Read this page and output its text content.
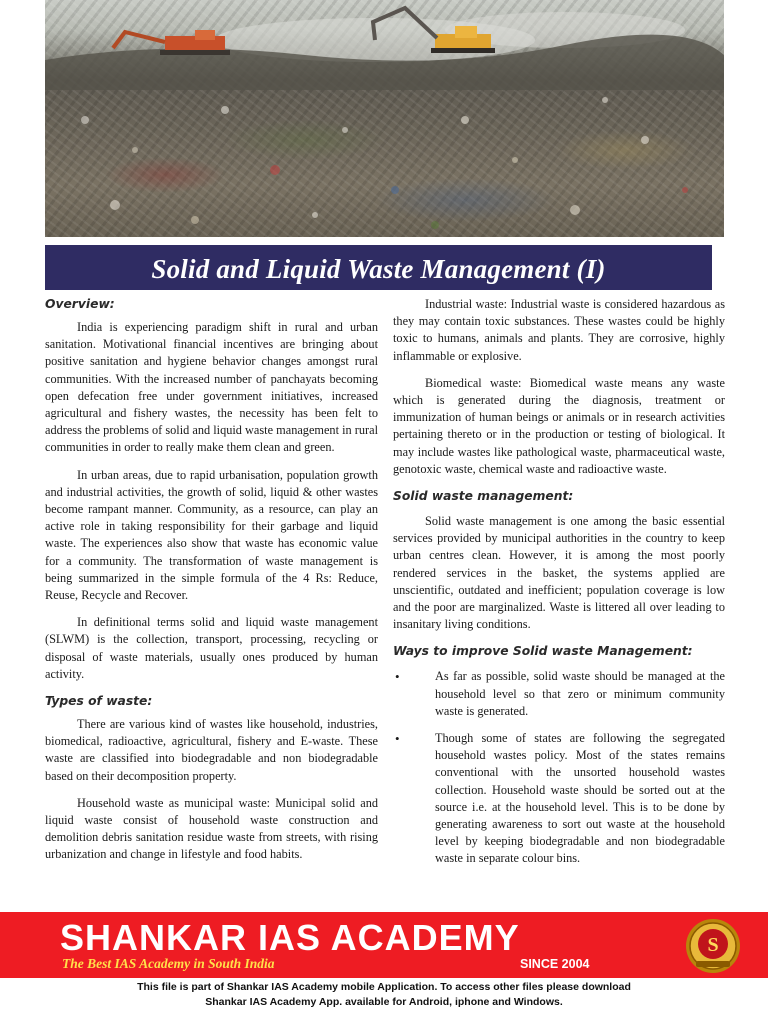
Solid and Liquid Waste Management (I)
Overview:

India is experiencing paradigm shift in rural and urban sanitation. Motivational financial incentives are bringing about positive sanitation and hygiene behavior changes amongst rural communities. With the increased number of panchayats becoming open defecation free under government initiatives, increased agricultural and fishery wastes, the necessity has been felt to address the problems of solid and liquid waste management in rural communities in order to really make them clean and green.

In urban areas, due to rapid urbanisation, population growth and industrial activities, the growth of solid, liquid & other wastes become rampant manner. Community, as a resource, can play an active role in taking responsibility for their garbage and liquid waste. The experiences also show that waste has economic value for a community. The transformation of waste management is being summarized in the simple formula of the 4 Rs: Reduce, Reuse, Recycle and Recover.

In definitional terms solid and liquid waste management (SLWM) is the collection, transport, processing, recycling or disposal of waste materials, usually ones produced by human activity.

Types of waste:

There are various kind of wastes like household, industries, biomedical, radioactive, agricultural, fishery and E-waste. These waste are classified into biodegradable and non biodegradable based on their decomposition property.

Household waste as municipal waste: Municipal solid and liquid waste consist of household waste construction and demolition debris sanitation residue waste from streets, with rising urbanization and change in lifestyle and food habits.

Industrial waste: Industrial waste is considered hazardous as they may contain toxic substances. These wastes could be highly toxic to humans, animals and plants. They are corrosive, highly inflammable or explosive.

Biomedical waste: Biomedical waste means any waste which is generated during the diagnosis, treatment or immunization of human beings or animals or in research activities pertaining thereto or in the production or testing of biological. It may include wastes like pathological waste, pharmaceutical waste, genotoxic waste, chemical waste and radioactive waste.

Solid waste management:

Solid waste management is one among the basic essential services provided by municipal authorities in the country to keep urban centres clean. However, it is among the most poorly rendered services in the basket, the systems applied are unscientific, outdated and inefficient; population coverage is low and the poor are marginalized. Waste is littered all over leading to insanitary living conditions.

Ways to improve Solid waste Management:
•	As far as possible, solid waste should be managed at the household level so that zero or minimum community waste is generated.
•	Though some of states are following the segregated household wastes policy. Most of the states remains conventional with the unsorted household wastes collection. Household waste should be sorted out at the source i.e. at the household level. This is to be done by generating awareness to sort out waste at the household level by keeping biodegradable and non biodegradable waste in separate colour bins.
SHANKAR IAS ACADEMY
The Best IAS Academy in South India	SINCE 2004
S
This file is part of Shankar IAS Academy mobile Application. To access other files please download
Shankar IAS Academy App. available for Android, iphone and Windows.
